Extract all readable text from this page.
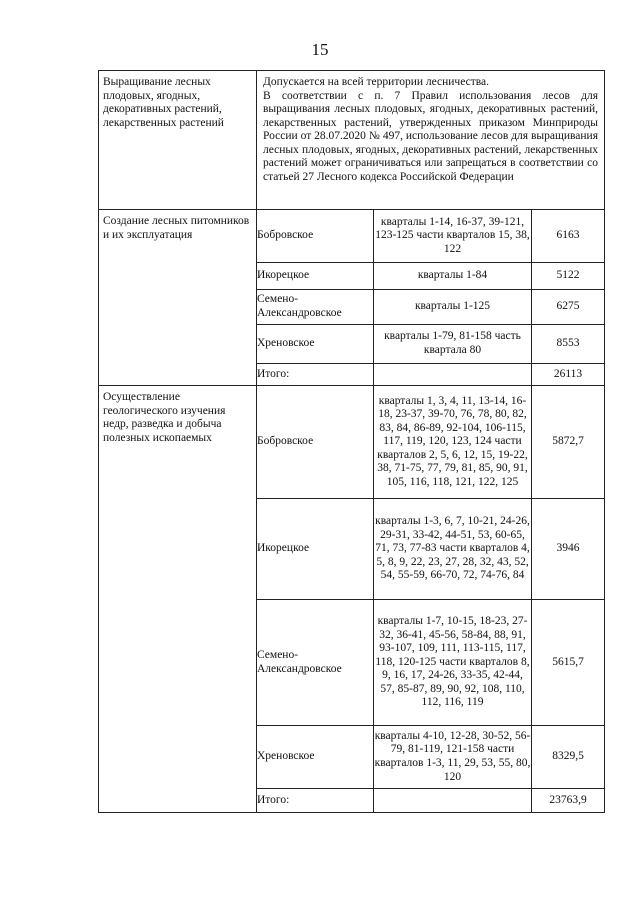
15
Выращивание лесных плодовых, ягодных, декоративных растений, лекарственных растений	Допускается на всей территории лесничества.

В соответствии с п. 7 Правил использования лесов для выращивания лесных плодовых, ягодных, декоративных растений, лекарственных растений, утвержденных приказом Минприроды России от 28.07.2020 № 497, использование лесов для выращивания лесных плодовых, ягодных, декоративных растений, лекарственных растений может ограничиваться или запрещаться в соответствии со статьей 27 Лесного кодекса Российской Федерации		

Создание лесных питомников и их эксплуатация	Бобровское	кварталы 1-14, 16-37, 39-121, 123-125 части кварталов 15, 38, 122	6163
	Икорецкое	кварталы 1-84	5122
	Семено-Александровское	кварталы 1-125	6275
	Хреновское	кварталы 1-79, 81-158 часть квартала 80	8553
	Итого:		26113
Осуществление геологического изучения недр, разведка и добыча полезных ископаемых	Бобровское	кварталы 1, 3, 4, 11, 13-14, 16-18, 23-37, 39-70, 76, 78, 80, 82, 83, 84, 86-89, 92-104, 106-115, 117, 119, 120, 123, 124 части кварталов 2, 5, 6, 12, 15, 19-22, 38, 71-75, 77, 79, 81, 85, 90, 91, 105, 116, 118, 121, 122, 125	5872,7
	Икорецкое	кварталы 1-3, 6, 7, 10-21, 24-26, 29-31, 33-42, 44-51, 53, 60-65, 71, 73, 77-83 части кварталов 4, 5, 8, 9, 22, 23, 27, 28, 32, 43, 52, 54, 55-59, 66-70, 72, 74-76, 84	3946
	Семено-Александровское	кварталы 1-7, 10-15, 18-23, 27-32, 36-41, 45-56, 58-84, 88, 91, 93-107, 109, 111, 113-115, 117, 118, 120-125 части кварталов 8, 9, 16, 17, 24-26, 33-35, 42-44, 57, 85-87, 89, 90, 92, 108, 110, 112, 116, 119	5615,7
	Хреновское	кварталы 4-10, 12-28, 30-52, 56-79, 81-119, 121-158 части кварталов 1-3, 11, 29, 53, 55, 80, 120	8329,5
	Итого:		23763,9
